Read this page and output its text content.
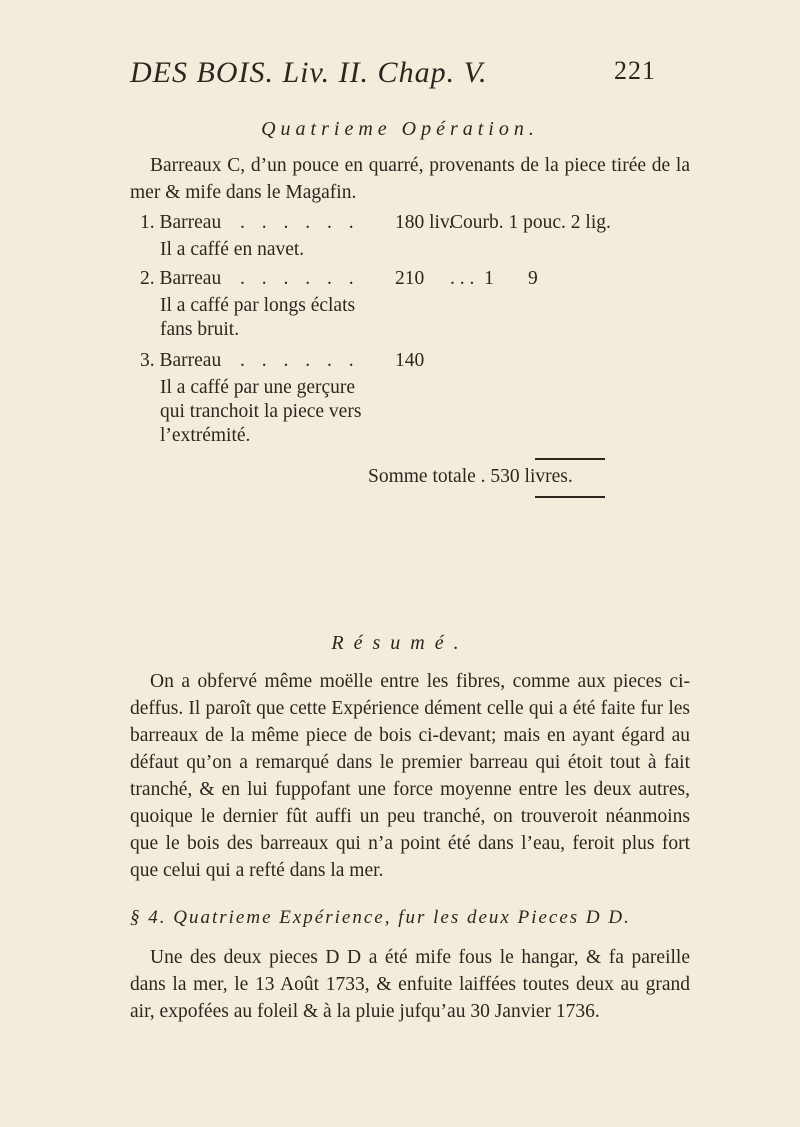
DES BOIS. Liv. II. Chap. V.	221
Quatrieme Opération.
Barreaux C, d’un pouce en quarré, provenants de la piece tirée de la mer & mife dans le Magafin.
1. Barreau . . . . . . 180 liv.
Courb. 1 pouc. 2 lig.
Il a caffé en navet.
2. Barreau . . . . . . 210 . . .  1       9
Il a caffé par longs éclats fans bruit.
3. Barreau . . . . . . 140
Il a caffé par une gerçure qui tranchoit la piece vers l’extrémité.
Somme totale . 530 livres.
Résumé.
On a obfervé même moëlle entre les fibres, comme aux pieces ci-deffus. Il paroît que cette Expérience dément celle qui a été faite fur les barreaux de la même piece de bois ci-devant; mais en ayant égard au défaut qu’on a remarqué dans le premier barreau qui étoit tout à fait tranché, & en lui fuppofant une force moyenne entre les deux autres, quoique le dernier fût auffi un peu tranché, on trouveroit néanmoins que le bois des barreaux qui n’a point été dans l’eau, feroit plus fort que celui qui a refté dans la mer.
§ 4. Quatrieme Expérience, fur les deux Pieces D D.
Une des deux pieces D D a été mife fous le hangar, & fa pareille dans la mer, le 13 Août 1733, & enfuite laiffées toutes deux au grand air, expofées au foleil & à la pluie jufqu’au 30 Janvier 1736.
